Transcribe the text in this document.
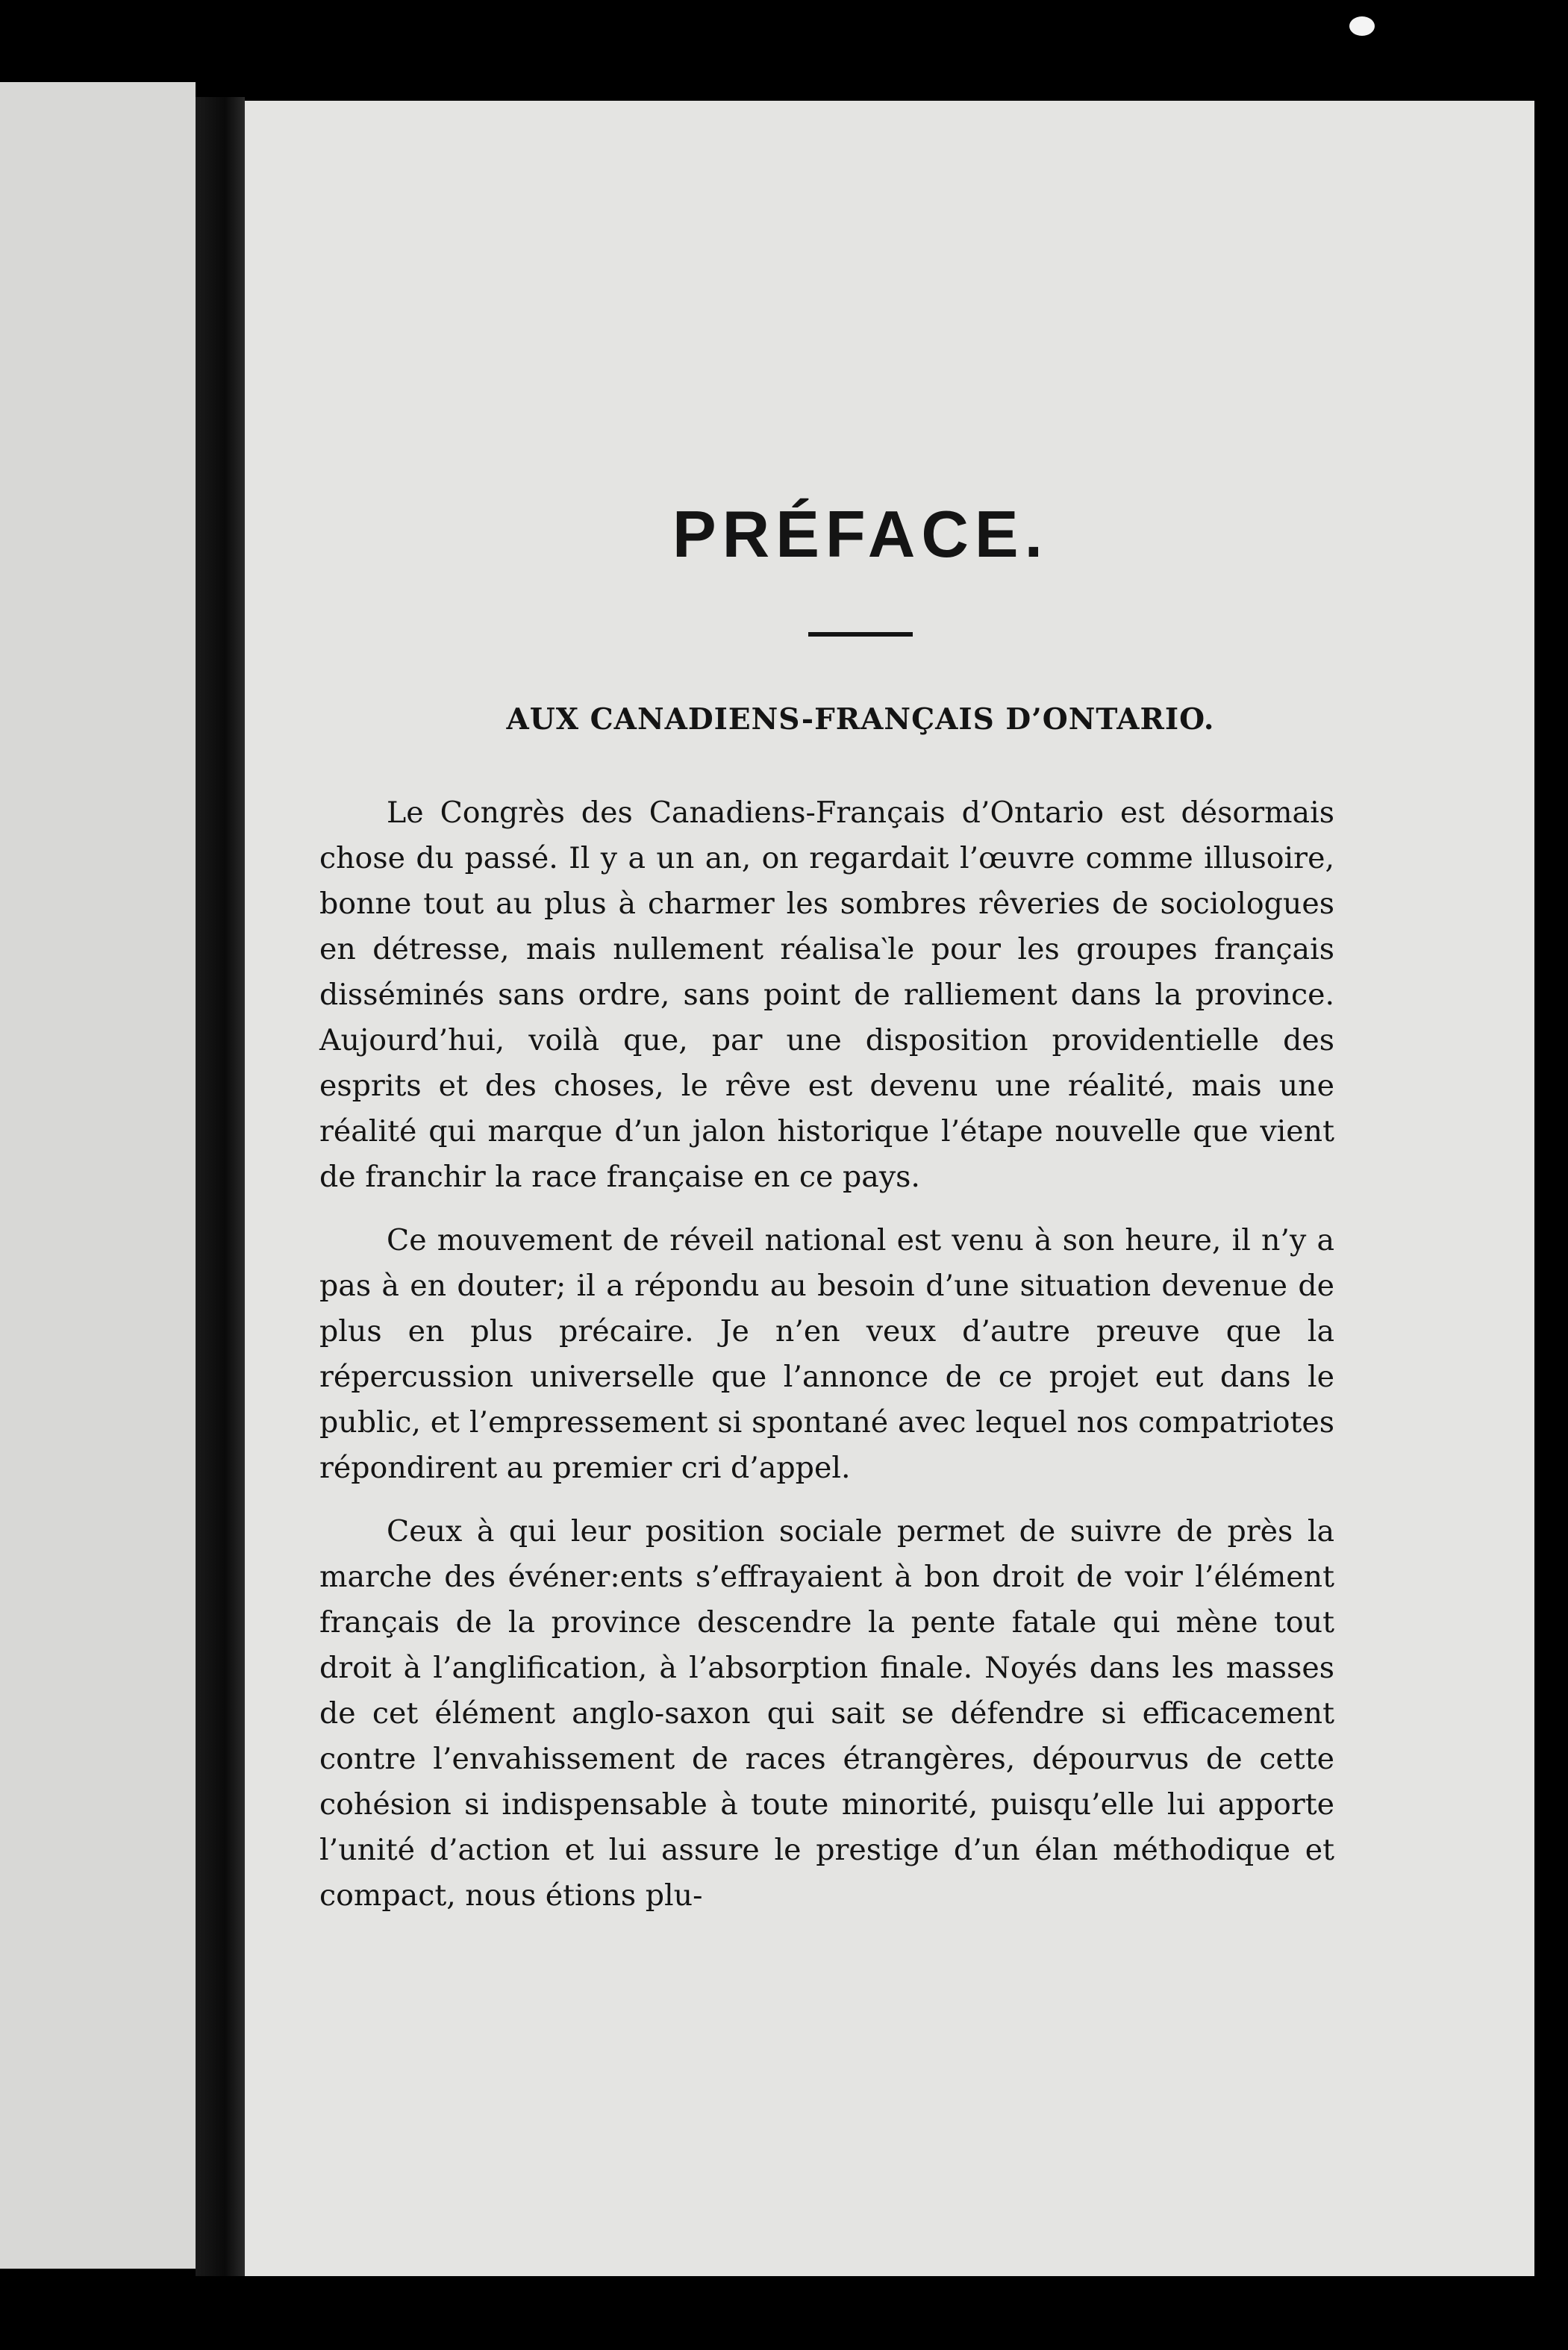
PRÉFACE.
AUX CANADIENS-FRANÇAIS D’ONTARIO.

Le Congrès des Canadiens-Français d’Ontario est désormais chose du passé. Il y a un an, on regardait l’œuvre comme illusoire, bonne tout au plus à charmer les sombres rêveries de sociologues en détresse, mais nullement réalisa‵le pour les groupes français disséminés sans ordre, sans point de ralliement dans la province. Aujourd’hui, voilà que, par une disposition providentielle des esprits et des choses, le rêve est devenu une réalité, mais une réalité qui marque d’un jalon historique l’étape nouvelle que vient de franchir la race française en ce pays.

Ce mouvement de réveil national est venu à son heure, il n’y a pas à en douter; il a répondu au besoin d’une situation devenue de plus en plus précaire. Je n’en veux d’autre preuve que la répercussion universelle que l’annonce de ce projet eut dans le public, et l’empressement si spontané avec lequel nos compatriotes répondirent au premier cri d’appel.

Ceux à qui leur position sociale permet de suivre de près la marche des événer:ents s’effrayaient à bon droit de voir l’élément français de la province descendre la pente fatale qui mène tout droit à l’anglification, à l’absorption finale. Noyés dans les masses de cet élément anglo-saxon qui sait se défendre si efficacement contre l’envahissement de races étrangères, dépourvus de cette cohésion si indispensable à toute minorité, puisqu’elle lui apporte l’unité d’action et lui assure le prestige d’un élan méthodique et compact, nous étions plu-
